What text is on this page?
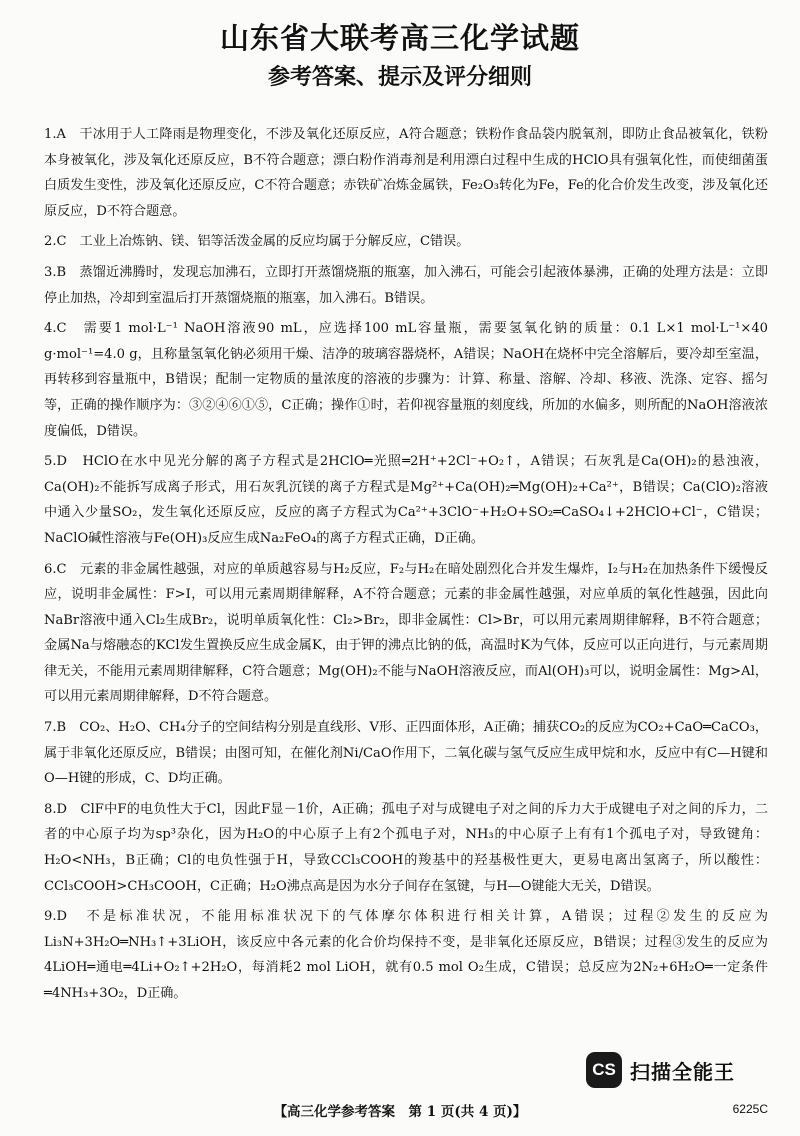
山东省大联考高三化学试题
参考答案、提示及评分细则

1.A　干冰用于人工降雨是物理变化，不涉及氧化还原反应，A符合题意；铁粉作食品袋内脱氧剂，即防止食品被氧化，铁粉本身被氧化，涉及氧化还原反应，B不符合题意；漂白粉作消毒剂是利用漂白过程中生成的HClO具有强氧化性，而使细菌蛋白质发生变性，涉及氧化还原反应，C不符合题意；赤铁矿冶炼金属铁，Fe₂O₃转化为Fe，Fe的化合价发生改变，涉及氧化还原反应，D不符合题意。

2.C　工业上冶炼钠、镁、铝等活泼金属的反应均属于分解反应，C错误。

3.B　蒸馏近沸腾时，发现忘加沸石，立即打开蒸馏烧瓶的瓶塞，加入沸石，可能会引起液体暴沸，正确的处理方法是：立即停止加热，冷却到室温后打开蒸馏烧瓶的瓶塞，加入沸石。B错误。

4.C　需要1 mol·L⁻¹ NaOH溶液90 mL，应选择100 mL容量瓶，需要氢氧化钠的质量：0.1 L×1 mol·L⁻¹×40 g·mol⁻¹=4.0 g，且称量氢氧化钠必须用干燥、洁净的玻璃容器烧杯，A错误；NaOH在烧杯中完全溶解后，要冷却至室温，再转移到容量瓶中，B错误；配制一定物质的量浓度的溶液的步骤为：计算、称量、溶解、冷却、移液、洗涤、定容、摇匀等，正确的操作顺序为：③②④⑥①⑤，C正确；操作①时，若仰视容量瓶的刻度线，所加的水偏多，则所配的NaOH溶液浓度偏低，D错误。

5.D　HClO在水中见光分解的离子方程式是2HClO═光照═2H⁺+2Cl⁻+O₂↑，A错误；石灰乳是Ca(OH)₂的悬浊液，Ca(OH)₂不能拆写成离子形式，用石灰乳沉镁的离子方程式是Mg²⁺+Ca(OH)₂═Mg(OH)₂+Ca²⁺，B错误；Ca(ClO)₂溶液中通入少量SO₂，发生氧化还原反应，反应的离子方程式为Ca²⁺+3ClO⁻+H₂O+SO₂═CaSO₄↓+2HClO+Cl⁻，C错误；NaClO碱性溶液与Fe(OH)₃反应生成Na₂FeO₄的离子方程式正确，D正确。

6.C　元素的非金属性越强，对应的单质越容易与H₂反应，F₂与H₂在暗处剧烈化合并发生爆炸，I₂与H₂在加热条件下缓慢反应，说明非金属性：F>I，可以用元素周期律解释，A不符合题意；元素的非金属性越强，对应单质的氧化性越强，因此向NaBr溶液中通入Cl₂生成Br₂，说明单质氧化性：Cl₂>Br₂，即非金属性：Cl>Br，可以用元素周期律解释，B不符合题意；金属Na与熔融态的KCl发生置换反应生成金属K，由于钾的沸点比钠的低，高温时K为气体，反应可以正向进行，与元素周期律无关，不能用元素周期律解释，C符合题意；Mg(OH)₂不能与NaOH溶液反应，而Al(OH)₃可以，说明金属性：Mg>Al，可以用元素周期律解释，D不符合题意。

7.B　CO₂、H₂O、CH₄分子的空间结构分别是直线形、V形、正四面体形，A正确；捕获CO₂的反应为CO₂+CaO═CaCO₃，属于非氧化还原反应，B错误；由图可知，在催化剂Ni/CaO作用下，二氧化碳与氢气反应生成甲烷和水，反应中有C—H键和O—H键的形成，C、D均正确。

8.D　ClF中F的电负性大于Cl，因此F显－1价，A正确；孤电子对与成键电子对之间的斥力大于成键电子对之间的斥力，二者的中心原子均为sp³杂化，因为H₂O的中心原子上有2个孤电子对，NH₃的中心原子上有有1个孤电子对，导致键角：H₂O<NH₃，B正确；Cl的电负性强于H，导致CCl₃COOH的羧基中的羟基极性更大，更易电离出氢离子，所以酸性：CCl₃COOH>CH₃COOH，C正确；H₂O沸点高是因为水分子间存在氢键，与H—O键能大无关，D错误。

9.D　不是标准状况，不能用标准状况下的气体摩尔体积进行相关计算，A错误；过程②发生的反应为Li₃N+3H₂O═NH₃↑+3LiOH，该反应中各元素的化合价均保持不变，是非氧化还原反应，B错误；过程③发生的反应为4LiOH═通电═4Li+O₂↑+2H₂O，每消耗2 mol LiOH，就有0.5 mol O₂生成，C错误；总反应为2N₂+6H₂O═一定条件═4NH₃+3O₂，D正确。

CS 扫描全能王
【高三化学参考答案　第 1 页(共 4 页)】	6225C
